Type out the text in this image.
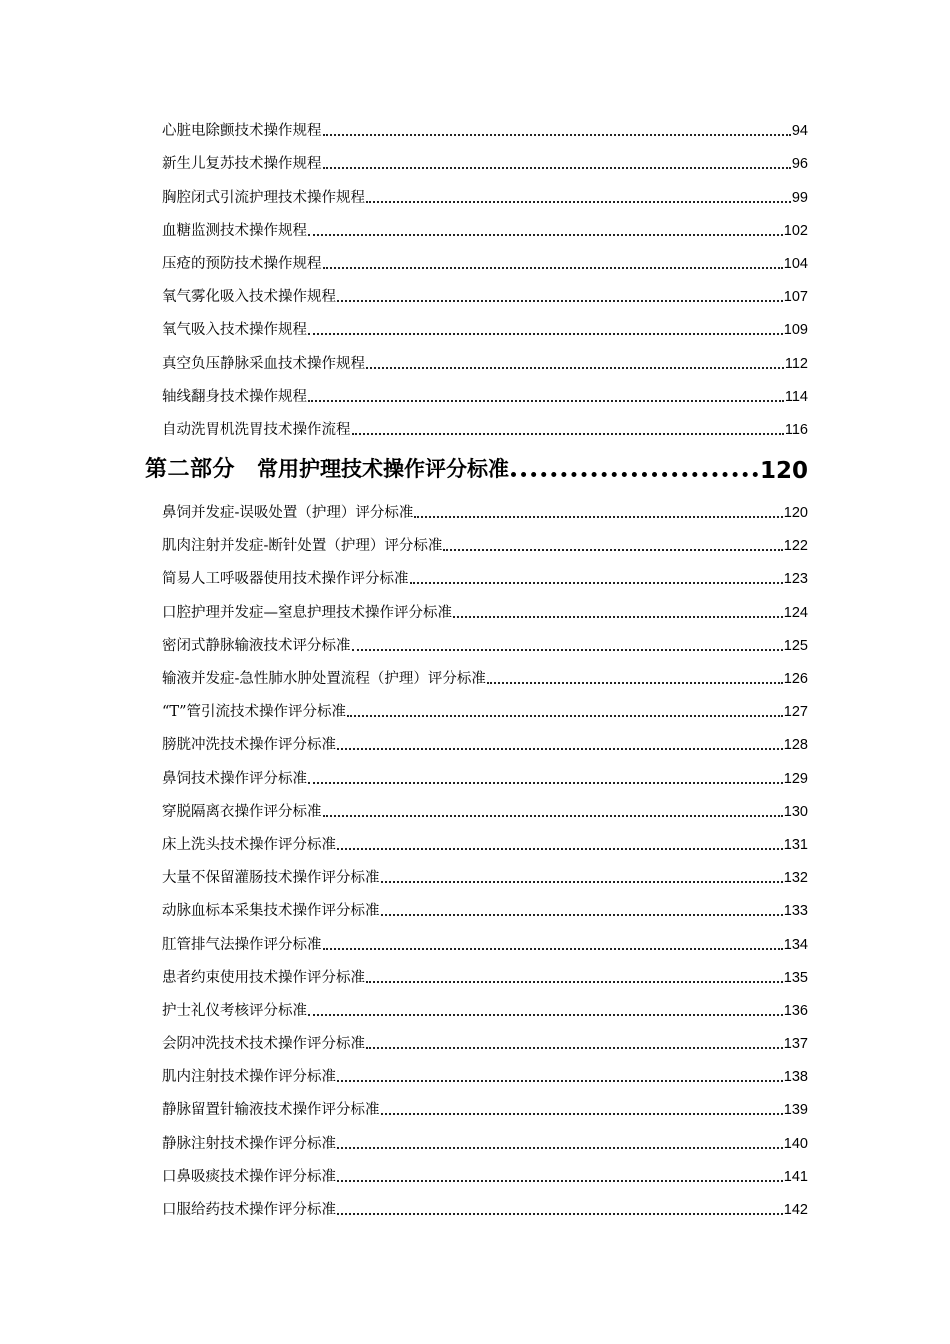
心脏电除颤技术操作规程	94
新生儿复苏技术操作规程	96
胸腔闭式引流护理技术操作规程	99
血糖监测技术操作规程	102
压疮的预防技术操作规程	104
氧气雾化吸入技术操作规程	107
氧气吸入技术操作规程	109
真空负压静脉采血技术操作规程	112
轴线翻身技术操作规程	114
自动洗胃机洗胃技术操作流程	116
第二部分 常用护理技术操作评分标准	120
鼻饲并发症-误吸处置（护理）评分标准	120
肌肉注射并发症-断针处置（护理）评分标准	122
简易人工呼吸器使用技术操作评分标准	123
口腔护理并发症—窒息护理技术操作评分标准	124
密闭式静脉输液技术评分标准	125
输液并发症-急性肺水肿处置流程（护理）评分标准	126
“T”管引流技术操作评分标准	127
膀胱冲洗技术操作评分标准	128
鼻饲技术操作评分标准	129
穿脱隔离衣操作评分标准	130
床上洗头技术操作评分标准	131
大量不保留灌肠技术操作评分标准	132
动脉血标本采集技术操作评分标准	133
肛管排气法操作评分标准	134
患者约束使用技术操作评分标准	135
护士礼仪考核评分标准	136
会阴冲洗技术技术操作评分标准	137
肌内注射技术操作评分标准	138
静脉留置针输液技术操作评分标准	139
静脉注射技术操作评分标准	140
口鼻吸痰技术操作评分标准	141
口服给药技术操作评分标准	142
